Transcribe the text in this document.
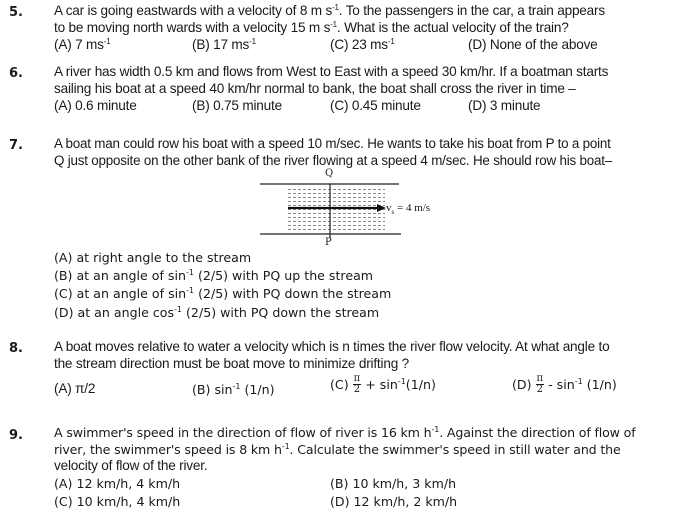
5. A car is going eastwards with a velocity of 8 m $s^{-1}$. To the passengers in the car, a train appears
to be moving north wards with a velocity 15 m $s^{-1}$. What is the actual velocity of the train?
(A) 7 $ms^{-1}$	(B) 17 $ms^{-1}$	(C) 23 $ms^{-1}$	(D) None of the above
6. A river has width 0.5 km and flows from West to East with a speed 30 km/hr. If a boatman starts
sailing his boat at a speed 40 km/hr normal to bank, the boat shall cross the river in time –
(A) 0.6 minute	(B) 0.75 minute	(C) 0.45 minute	(D) 3 minute
7. A boat man could row his boat with a speed 10 m/sec. He wants to take his boat from P to a point
Q just opposite on the other bank of the river flowing at a speed 4 m/sec. He should row his boat–
Q
P
$v_s = 4$ m/s
(A) at right angle to the stream
(B) at an angle of $\sin^{-1} (2/5)$ with PQ up the stream
(C) at an angle of $\sin^{-1} (2/5)$ with PQ down the stream
(D) at an angle $\cos^{-1} (2/5)$ with PQ down the stream
8. A boat moves relative to water a velocity which is n times the river flow velocity. At what angle to
the stream direction must be boat move to minimize drifting ?
(A) π/2	(B) $\sin^{-1} (1/n)$	$(C) \frac{\pi}{2} + \sin^{-1}(1/n)$	$(D) \frac{\pi}{2} - \sin^{-1} (1/n)$
9. A swimmer's speed in the direction of flow of river is 16 km $h^{-1}$. Against the direction of flow of
river, the swimmer's speed is 8 km $h^{-1}$. Calculate the swimmer's speed in still water and the
velocity of flow of the river.
(A) 12 km/h, 4 km/h	(B) 10 km/h, 3 km/h
(C) 10 km/h, 4 km/h	(D) 12 km/h, 2 km/h
